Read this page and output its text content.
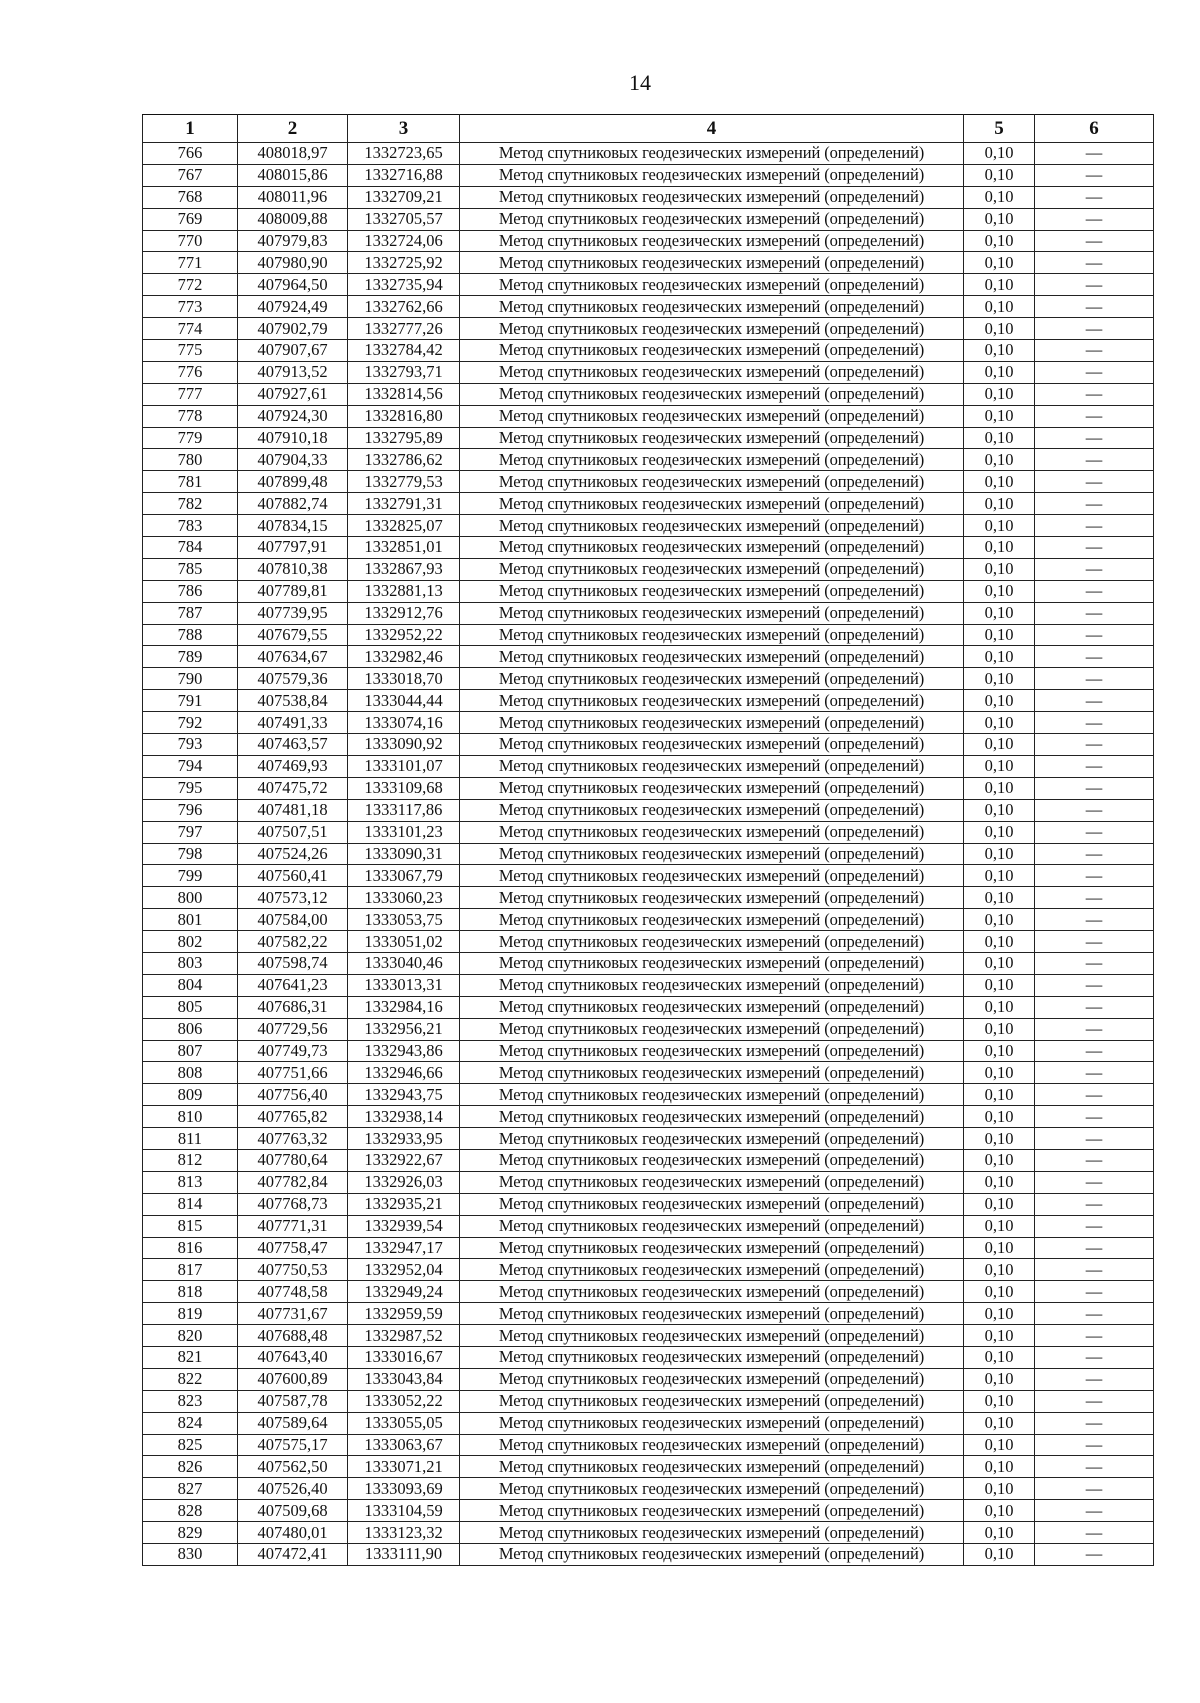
14
1	2	3	4	5	6
766	408018,97	1332723,65	Метод спутниковых геодезических измерений (определений)	0,10	—
767	408015,86	1332716,88	Метод спутниковых геодезических измерений (определений)	0,10	—
768	408011,96	1332709,21	Метод спутниковых геодезических измерений (определений)	0,10	—
769	408009,88	1332705,57	Метод спутниковых геодезических измерений (определений)	0,10	—
770	407979,83	1332724,06	Метод спутниковых геодезических измерений (определений)	0,10	—
771	407980,90	1332725,92	Метод спутниковых геодезических измерений (определений)	0,10	—
772	407964,50	1332735,94	Метод спутниковых геодезических измерений (определений)	0,10	—
773	407924,49	1332762,66	Метод спутниковых геодезических измерений (определений)	0,10	—
774	407902,79	1332777,26	Метод спутниковых геодезических измерений (определений)	0,10	—
775	407907,67	1332784,42	Метод спутниковых геодезических измерений (определений)	0,10	—
776	407913,52	1332793,71	Метод спутниковых геодезических измерений (определений)	0,10	—
777	407927,61	1332814,56	Метод спутниковых геодезических измерений (определений)	0,10	—
778	407924,30	1332816,80	Метод спутниковых геодезических измерений (определений)	0,10	—
779	407910,18	1332795,89	Метод спутниковых геодезических измерений (определений)	0,10	—
780	407904,33	1332786,62	Метод спутниковых геодезических измерений (определений)	0,10	—
781	407899,48	1332779,53	Метод спутниковых геодезических измерений (определений)	0,10	—
782	407882,74	1332791,31	Метод спутниковых геодезических измерений (определений)	0,10	—
783	407834,15	1332825,07	Метод спутниковых геодезических измерений (определений)	0,10	—
784	407797,91	1332851,01	Метод спутниковых геодезических измерений (определений)	0,10	—
785	407810,38	1332867,93	Метод спутниковых геодезических измерений (определений)	0,10	—
786	407789,81	1332881,13	Метод спутниковых геодезических измерений (определений)	0,10	—
787	407739,95	1332912,76	Метод спутниковых геодезических измерений (определений)	0,10	—
788	407679,55	1332952,22	Метод спутниковых геодезических измерений (определений)	0,10	—
789	407634,67	1332982,46	Метод спутниковых геодезических измерений (определений)	0,10	—
790	407579,36	1333018,70	Метод спутниковых геодезических измерений (определений)	0,10	—
791	407538,84	1333044,44	Метод спутниковых геодезических измерений (определений)	0,10	—
792	407491,33	1333074,16	Метод спутниковых геодезических измерений (определений)	0,10	—
793	407463,57	1333090,92	Метод спутниковых геодезических измерений (определений)	0,10	—
794	407469,93	1333101,07	Метод спутниковых геодезических измерений (определений)	0,10	—
795	407475,72	1333109,68	Метод спутниковых геодезических измерений (определений)	0,10	—
796	407481,18	1333117,86	Метод спутниковых геодезических измерений (определений)	0,10	—
797	407507,51	1333101,23	Метод спутниковых геодезических измерений (определений)	0,10	—
798	407524,26	1333090,31	Метод спутниковых геодезических измерений (определений)	0,10	—
799	407560,41	1333067,79	Метод спутниковых геодезических измерений (определений)	0,10	—
800	407573,12	1333060,23	Метод спутниковых геодезических измерений (определений)	0,10	—
801	407584,00	1333053,75	Метод спутниковых геодезических измерений (определений)	0,10	—
802	407582,22	1333051,02	Метод спутниковых геодезических измерений (определений)	0,10	—
803	407598,74	1333040,46	Метод спутниковых геодезических измерений (определений)	0,10	—
804	407641,23	1333013,31	Метод спутниковых геодезических измерений (определений)	0,10	—
805	407686,31	1332984,16	Метод спутниковых геодезических измерений (определений)	0,10	—
806	407729,56	1332956,21	Метод спутниковых геодезических измерений (определений)	0,10	—
807	407749,73	1332943,86	Метод спутниковых геодезических измерений (определений)	0,10	—
808	407751,66	1332946,66	Метод спутниковых геодезических измерений (определений)	0,10	—
809	407756,40	1332943,75	Метод спутниковых геодезических измерений (определений)	0,10	—
810	407765,82	1332938,14	Метод спутниковых геодезических измерений (определений)	0,10	—
811	407763,32	1332933,95	Метод спутниковых геодезических измерений (определений)	0,10	—
812	407780,64	1332922,67	Метод спутниковых геодезических измерений (определений)	0,10	—
813	407782,84	1332926,03	Метод спутниковых геодезических измерений (определений)	0,10	—
814	407768,73	1332935,21	Метод спутниковых геодезических измерений (определений)	0,10	—
815	407771,31	1332939,54	Метод спутниковых геодезических измерений (определений)	0,10	—
816	407758,47	1332947,17	Метод спутниковых геодезических измерений (определений)	0,10	—
817	407750,53	1332952,04	Метод спутниковых геодезических измерений (определений)	0,10	—
818	407748,58	1332949,24	Метод спутниковых геодезических измерений (определений)	0,10	—
819	407731,67	1332959,59	Метод спутниковых геодезических измерений (определений)	0,10	—
820	407688,48	1332987,52	Метод спутниковых геодезических измерений (определений)	0,10	—
821	407643,40	1333016,67	Метод спутниковых геодезических измерений (определений)	0,10	—
822	407600,89	1333043,84	Метод спутниковых геодезических измерений (определений)	0,10	—
823	407587,78	1333052,22	Метод спутниковых геодезических измерений (определений)	0,10	—
824	407589,64	1333055,05	Метод спутниковых геодезических измерений (определений)	0,10	—
825	407575,17	1333063,67	Метод спутниковых геодезических измерений (определений)	0,10	—
826	407562,50	1333071,21	Метод спутниковых геодезических измерений (определений)	0,10	—
827	407526,40	1333093,69	Метод спутниковых геодезических измерений (определений)	0,10	—
828	407509,68	1333104,59	Метод спутниковых геодезических измерений (определений)	0,10	—
829	407480,01	1333123,32	Метод спутниковых геодезических измерений (определений)	0,10	—
830	407472,41	1333111,90	Метод спутниковых геодезических измерений (определений)	0,10	—
